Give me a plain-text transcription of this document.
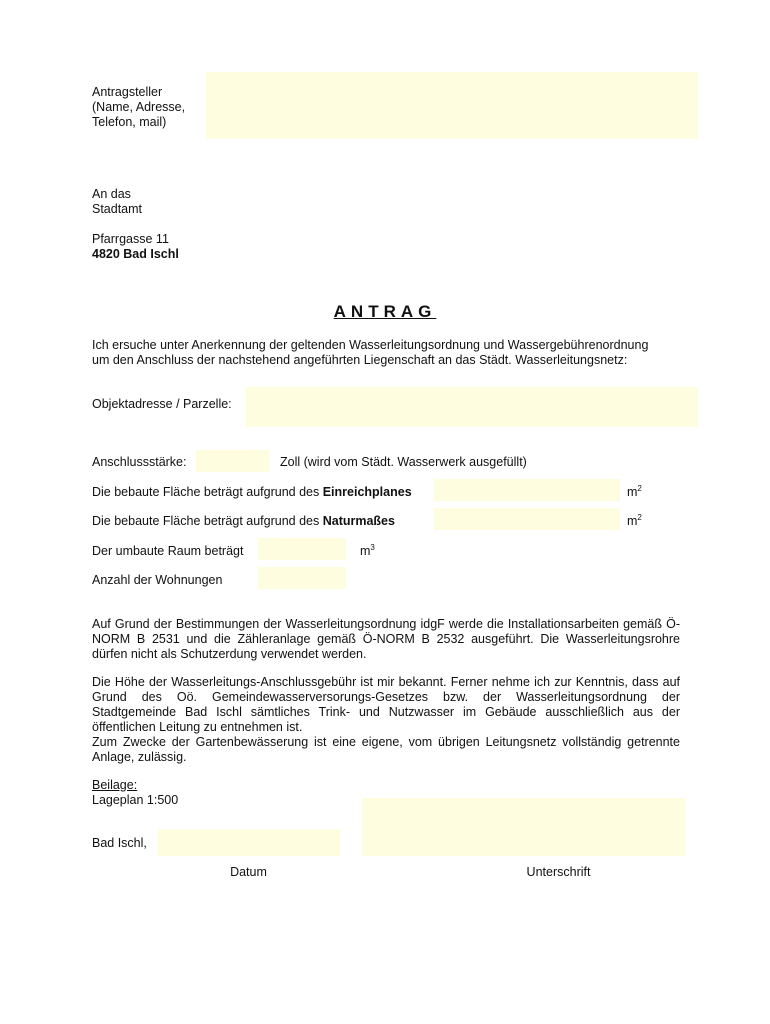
Antragsteller
(Name, Adresse,
Telefon, mail)
An das
Stadtamt
Pfarrgasse 11
4820 Bad Ischl
ANTRAG
Ich ersuche unter Anerkennung der geltenden Wasserleitungsordnung und Wassergebührenordnung
um den Anschluss der nachstehend angeführten Liegenschaft an das Städt. Wasserleitungsnetz:
Objektadresse / Parzelle:
Anschlussstärke:	Zoll (wird vom Städt. Wasserwerk ausgefüllt)
Die bebaute Fläche beträgt aufgrund des Einreichplanes	$m^2$
Die bebaute Fläche beträgt aufgrund des Naturmaßes	$m^2$
Der umbaute Raum beträgt	$m^3$
Anzahl der Wohnungen
Auf Grund der Bestimmungen der Wasserleitungsordnung idgF werde die Installationsarbeiten gemäß Ö-NORM B 2531 und die Zähleranlage gemäß Ö-NORM B 2532 ausgeführt. Die Wasserleitungsrohre dürfen nicht als Schutzerdung verwendet werden.
Die Höhe der Wasserleitungs-Anschlussgebühr ist mir bekannt. Ferner nehme ich zur Kenntnis, dass auf Grund des Oö. Gemeindewasserversorungs-Gesetzes bzw. der Wasserleitungsordnung der Stadtgemeinde Bad Ischl sämtliches Trink- und Nutzwasser im Gebäude ausschließlich aus der öffentlichen Leitung zu entnehmen ist.
Zum Zwecke der Gartenbewässerung ist eine eigene, vom übrigen Leitungsnetz vollständig getrennte Anlage, zulässig.
Beilage:
Lageplan 1:500
Bad Ischl,
Datum	Unterschrift
